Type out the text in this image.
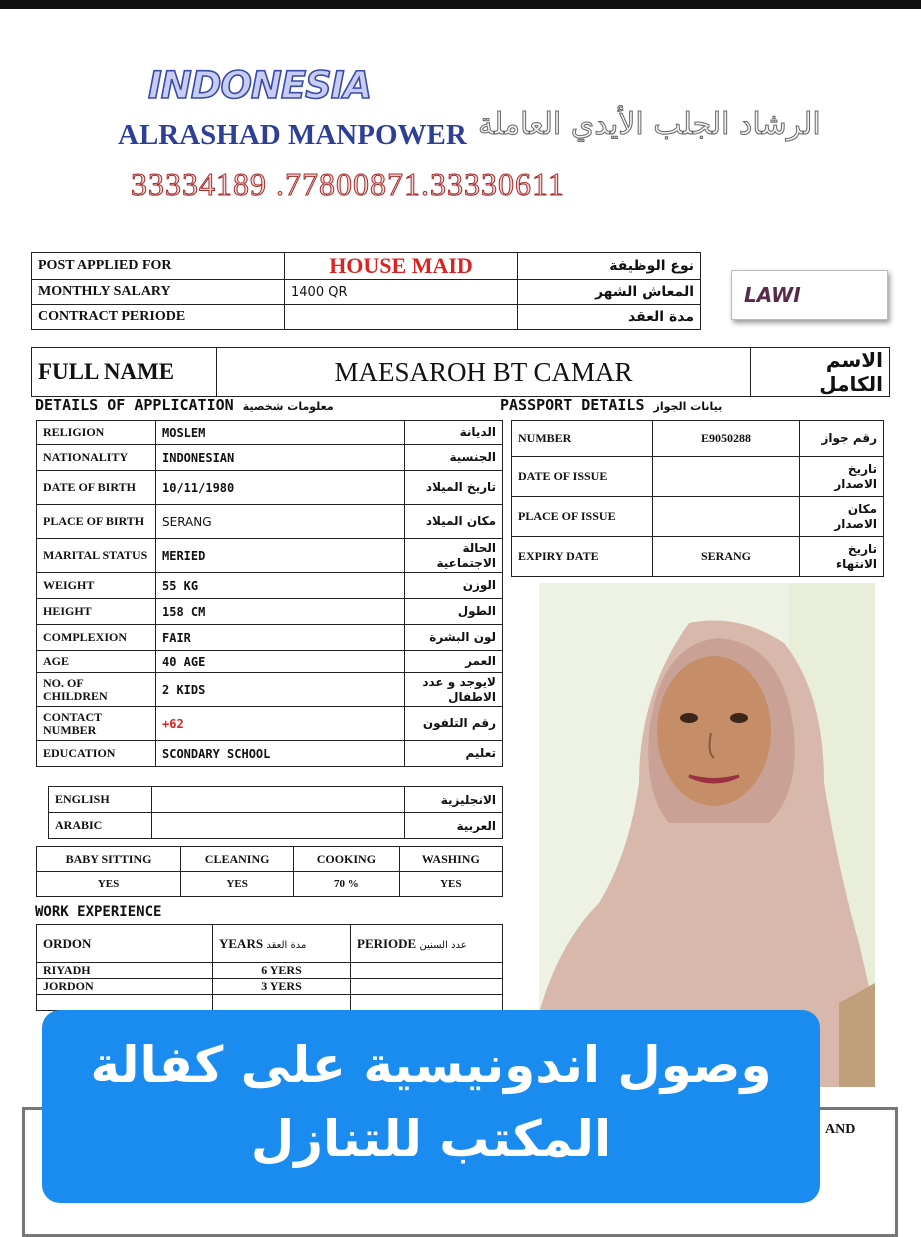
INDONESIA
ALRASHAD MANPOWER الرشاد الجلب الأيدي العاملة
33334189 .77800871.33330611
POST APPLIED FOR	HOUSE MAID	نوع الوظيفة
MONTHLY SALARY	1400 QR	المعاش الشهر
CONTRACT PERIODE		مدة العقد
LAWI
FULL NAME	MAESAROH BT CAMAR	الاسم الكامل
DETAILS OF APPLICATION معلومات شخصية	PASSPORT DETAILS بيانات الجواز
RELIGION	MOSLEM	الديانة
NATIONALITY	INDONESIAN	الجنسية
DATE OF BIRTH	10/11/1980	تاريخ الميلاد
PLACE OF BIRTH	SERANG	مكان الميلاد
MARITAL STATUS	MERIED	الحالة الاجتماعية
WEIGHT	55 KG	الوزن
HEIGHT	158 CM	الطول
COMPLEXION	FAIR	لون البشرة
AGE	40 AGE	العمر
NO. OF CHILDREN	2 KIDS	لايوجد و عدد الاطفال
CONTACT NUMBER	+62	رقم التلفون
EDUCATION	SCONDARY SCHOOL	تعليم
ENGLISH		الانجليزية
ARABIC		العربية
NUMBER	E9050288	رقم جواز
DATE OF ISSUE		تاريخ الاصدار
PLACE OF ISSUE		مكان الاصدار
EXPIRY DATE	SERANG	تاريخ الانتهاء
BABY SITTING	CLEANING	COOKING	WASHING
YES	YES	70 %	YES
WORK EXPERIENCE
ORDON	YEARS مدة العقد	PERIODE عدد السنين
RIYADH	6 YERS	
JORDON	3 YERS	

AND
وصول اندونيسية على كفالة المكتب للتنازل
